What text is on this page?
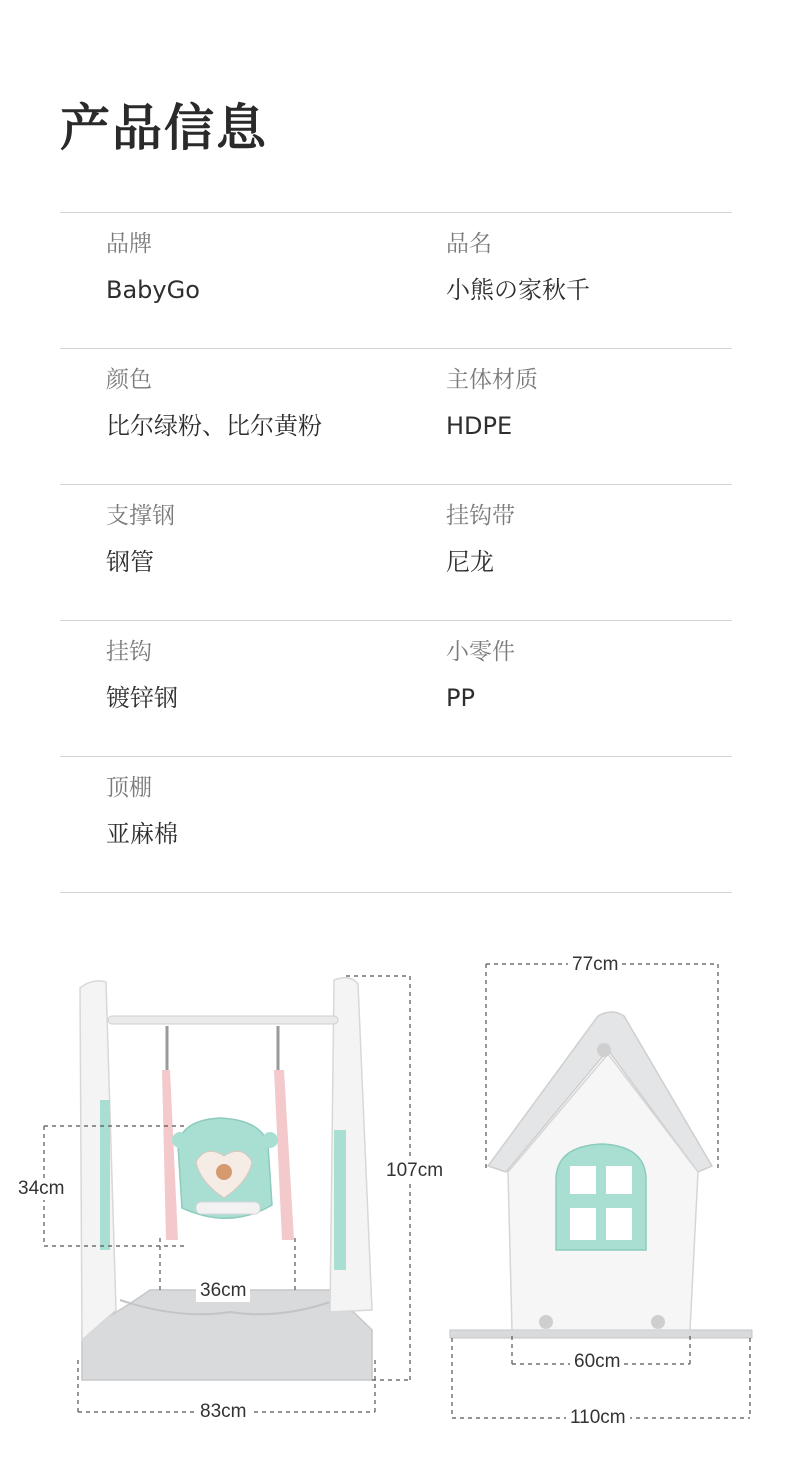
产品信息
品牌
BabyGo
品名
小熊の家秋千
颜色
比尔绿粉、比尔黄粉
主体材质
HDPE
支撑钢
钢管
挂钩带
尼龙
挂钩
镀锌钢
小零件
PP
顶棚
亚麻棉
107cm
34cm
36cm
83cm
77cm
60cm
110cm
